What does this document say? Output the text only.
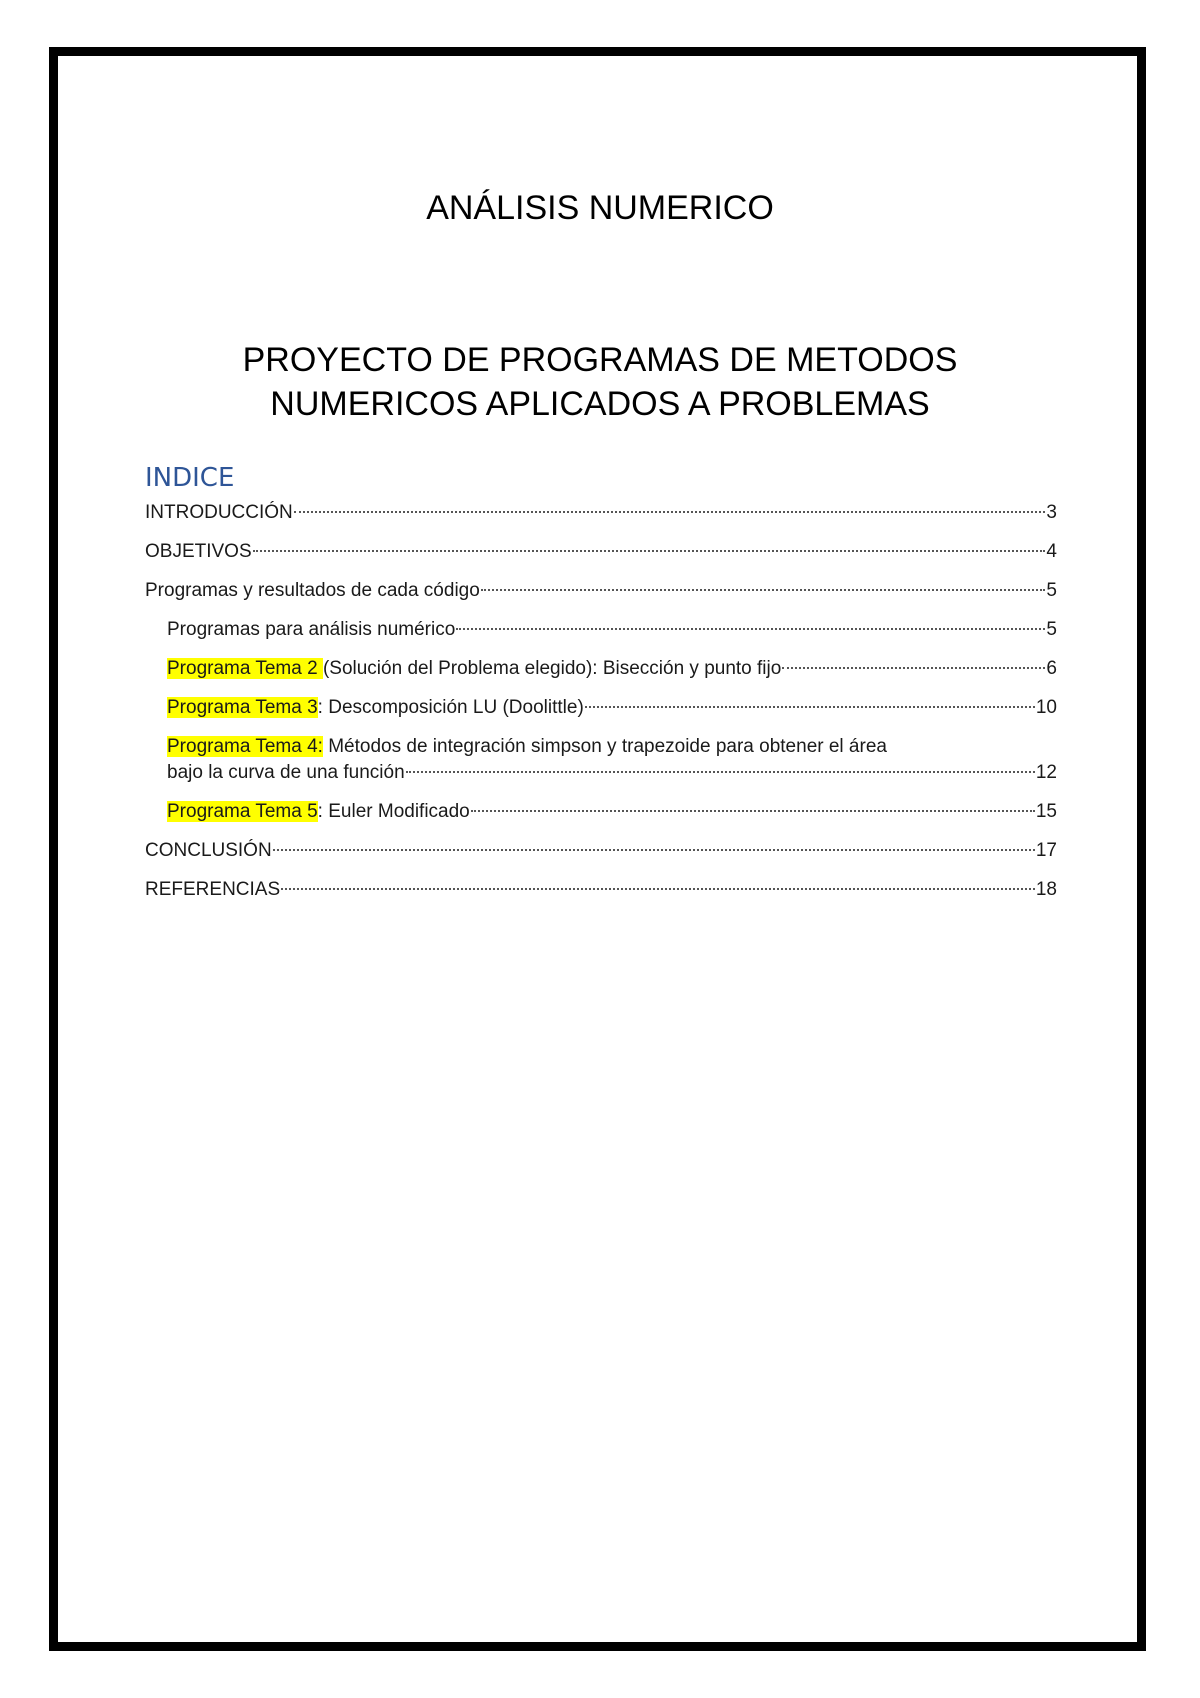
ANÁLISIS NUMERICO
PROYECTO DE PROGRAMAS DE METODOS
NUMERICOS APLICADOS A PROBLEMAS
INDICE
INTRODUCCIÓN	3
OBJETIVOS	4
Programas y resultados de cada código	5
Programas para análisis numérico	5
Programa Tema 2 (Solución del Problema elegido): Bisección y punto fijo	6
Programa Tema 3: Descomposición LU (Doolittle)	10
Programa Tema 4: Métodos de integración simpson y trapezoide para obtener el área
bajo la curva de una función	12
Programa Tema 5: Euler Modificado	15
CONCLUSIÓN	17
REFERENCIAS	18
